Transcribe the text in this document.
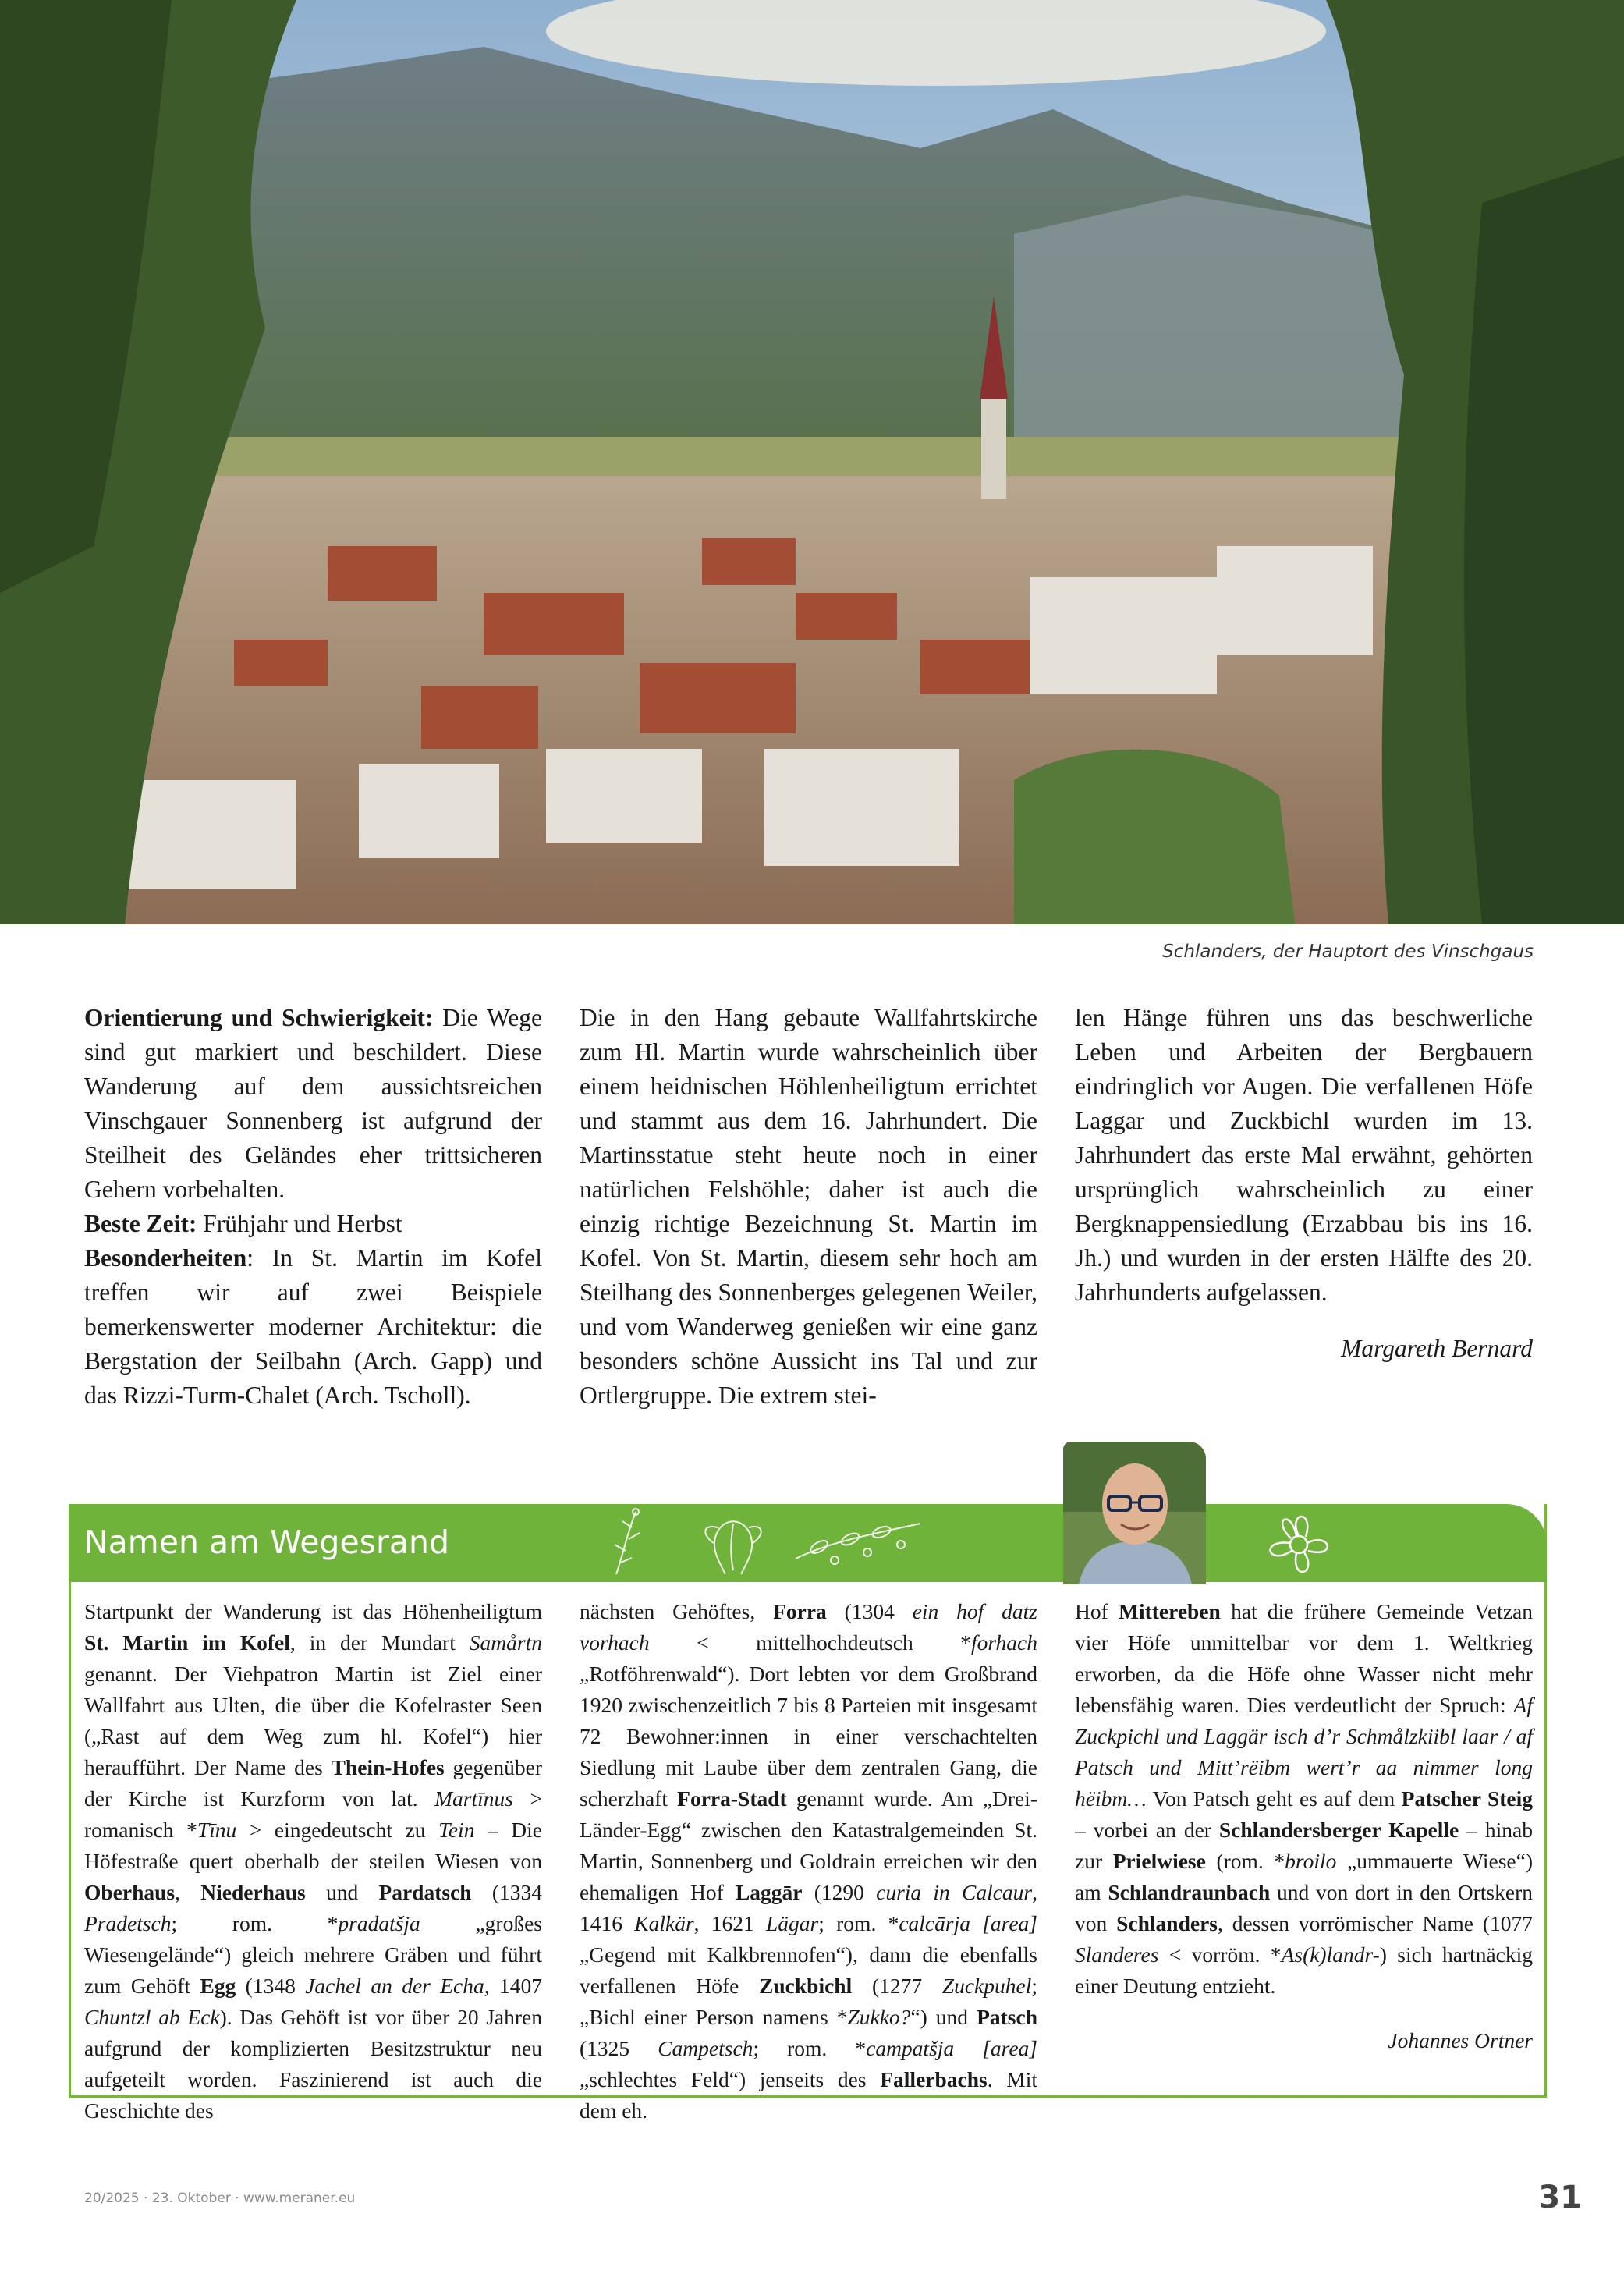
Schlanders, der Hauptort des Vinschgaus

Orientierung und Schwierigkeit: Die Wege sind gut markiert und beschildert. Diese Wanderung auf dem aussichtsreichen Vinschgauer Sonnenberg ist aufgrund der Steilheit des Geländes eher trittsicheren Gehern vorbehalten.

Beste Zeit: Frühjahr und Herbst

Besonderheiten: In St. Martin im Kofel treffen wir auf zwei Beispiele bemerkenswerter moderner Architektur: die Bergstation der Seilbahn (Arch. Gapp) und das Rizzi-Turm-Chalet (Arch. Tscholl).

Die in den Hang gebaute Wallfahrtskirche zum Hl. Martin wurde wahrscheinlich über einem heidnischen Höhlenheiligtum errichtet und stammt aus dem 16. Jahrhundert. Die Martinsstatue steht heute noch in einer natürlichen Felshöhle; daher ist auch die einzig richtige Bezeichnung St. Martin im Kofel. Von St. Martin, diesem sehr hoch am Steilhang des Sonnenberges gelegenen Weiler, und vom Wanderweg genießen wir eine ganz besonders schöne Aussicht ins Tal und zur Ortlergruppe. Die extrem stei-

len Hänge führen uns das beschwerliche Leben und Arbeiten der Bergbauern eindringlich vor Augen. Die verfallenen Höfe Laggar und Zuckbichl wurden im 13. Jahrhundert das erste Mal erwähnt, gehörten ursprünglich wahrscheinlich zu einer Bergknappensiedlung (Erzabbau bis ins 16. Jh.) und wurden in der ersten Hälfte des 20. Jahrhunderts aufgelassen.

Margareth Bernard
Namen am Wegesrand

Startpunkt der Wanderung ist das Höhenheiligtum St. Martin im Kofel, in der Mundart Samårtn genannt. Der Viehpatron Martin ist Ziel einer Wallfahrt aus Ulten, die über die Kofelraster Seen („Rast auf dem Weg zum hl. Kofel“) hier heraufführt. Der Name des Thein-Hofes gegenüber der Kirche ist Kurzform von lat. Martīnus > romanisch *Tīnu > eingedeutscht zu Tein – Die Höfestraße quert oberhalb der steilen Wiesen von Oberhaus, Niederhaus und Pardatsch (1334 Pradetsch; rom. *pradatšja „großes Wiesengelände“) gleich mehrere Gräben und führt zum Gehöft Egg (1348 Jachel an der Echa, 1407 Chuntzl ab Eck). Das Gehöft ist vor über 20 Jahren aufgrund der komplizierten Besitzstruktur neu aufgeteilt worden. Faszinierend ist auch die Geschichte des

nächsten Gehöftes, Forra (1304 ein hof datz vorhach < mittelhochdeutsch *forhach „Rotföhrenwald“). Dort lebten vor dem Großbrand 1920 zwischenzeitlich 7 bis 8 Parteien mit insgesamt 72 Bewohner:innen in einer verschachtelten Siedlung mit Laube über dem zentralen Gang, die scherzhaft Forra-Stadt genannt wurde. Am „Drei-Länder-Egg“ zwischen den Katastralgemeinden St. Martin, Sonnenberg und Goldrain erreichen wir den ehemaligen Hof Laggār (1290 curia in Calcaur, 1416 Kalkär, 1621 Lägar; rom. *calcārja [area] „Gegend mit Kalkbrennofen“), dann die ebenfalls verfallenen Höfe Zuckbichl (1277 Zuckpuhel; „Bichl einer Person namens *Zukko?“) und Patsch (1325 Campetsch; rom. *campatšja [area] „schlechtes Feld“) jenseits des Fallerbachs. Mit dem eh.

Hof Mittereben hat die frühere Gemeinde Vetzan vier Höfe unmittelbar vor dem 1. Weltkrieg erworben, da die Höfe ohne Wasser nicht mehr lebensfähig waren. Dies verdeutlicht der Spruch: Af Zuckpichl und Laggär isch d’r Schmålzkiibl laar / af Patsch und Mitt’rëibm wert’r aa nimmer long hëibm… Von Patsch geht es auf dem Patscher Steig – vorbei an der Schlandersberger Kapelle – hinab zur Prielwiese (rom. *broilo „ummauerte Wiese“) am Schlandraunbach und von dort in den Ortskern von Schlanders, dessen vorrömischer Name (1077 Slanderes < vorröm. *As(k)landr-) sich hartnäckig einer Deutung entzieht.

Johannes Ortner
20/2025 · 23. Oktober · www.meraner.eu	31
